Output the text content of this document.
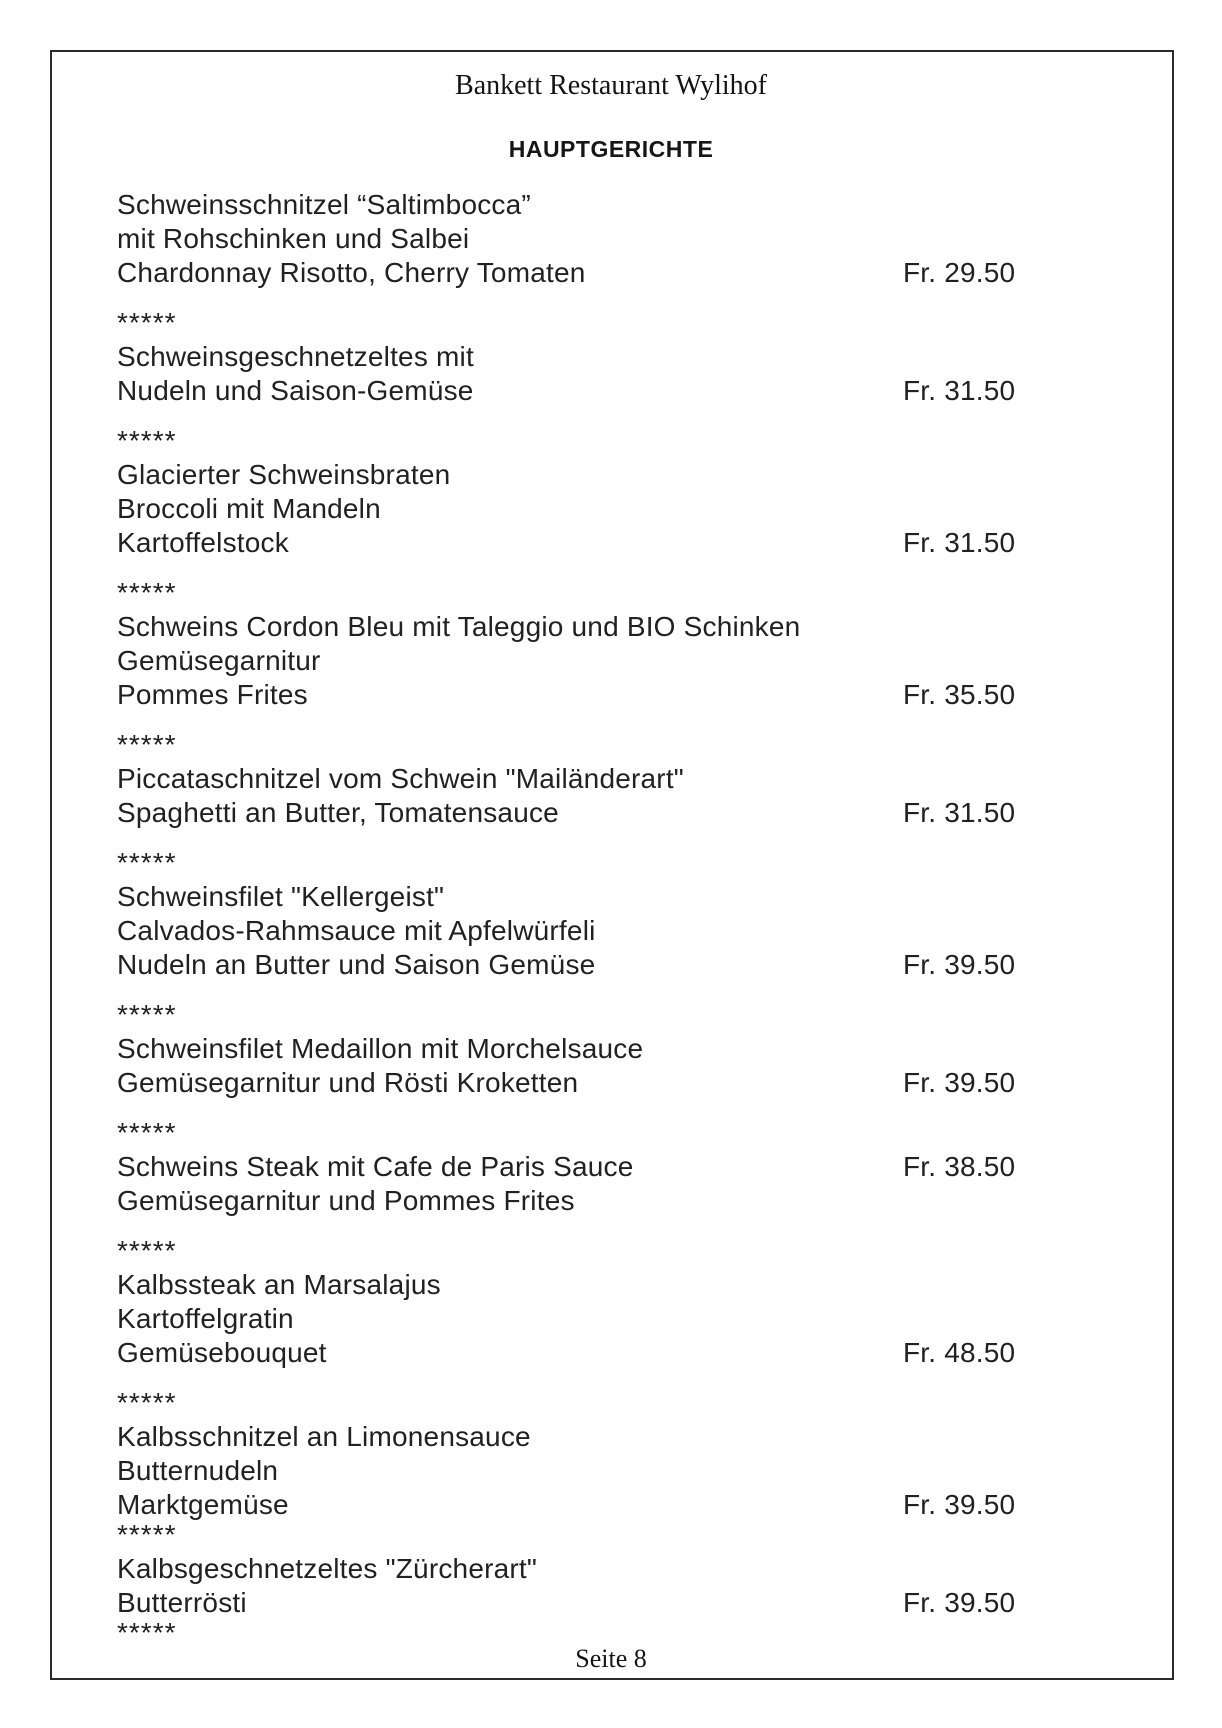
Bankett Restaurant Wylihof
HAUPTGERICHTE
Schweinsschnitzel “Saltimbocca”
mit Rohschinken und Salbei
Chardonnay Risotto, Cherry Tomaten	Fr. 29.50
*****
Schweinsgeschnetzeltes mit
Nudeln und Saison-Gemüse	Fr. 31.50
*****
Glacierter Schweinsbraten
Broccoli mit Mandeln
Kartoffelstock	Fr. 31.50
*****
Schweins Cordon Bleu mit Taleggio und BIO Schinken
Gemüsegarnitur
Pommes Frites	Fr. 35.50
*****
Piccataschnitzel vom Schwein "Mailänderart"
Spaghetti an Butter, Tomatensauce	Fr. 31.50
*****
Schweinsfilet "Kellergeist"
Calvados-Rahmsauce mit Apfelwürfeli
Nudeln an Butter und Saison Gemüse	Fr. 39.50
*****
Schweinsfilet Medaillon mit Morchelsauce
Gemüsegarnitur und Rösti Kroketten	Fr. 39.50
*****
Schweins Steak mit Cafe de Paris Sauce	Fr. 38.50
Gemüsegarnitur und Pommes Frites
*****
Kalbssteak an Marsalajus
Kartoffelgratin
Gemüsebouquet	Fr. 48.50
*****
Kalbsschnitzel an Limonensauce
Butternudeln
Marktgemüse	Fr. 39.50
*****
Kalbsgeschnetzeltes "Zürcherart"
Butterrösti	Fr. 39.50
*****
Seite 8
